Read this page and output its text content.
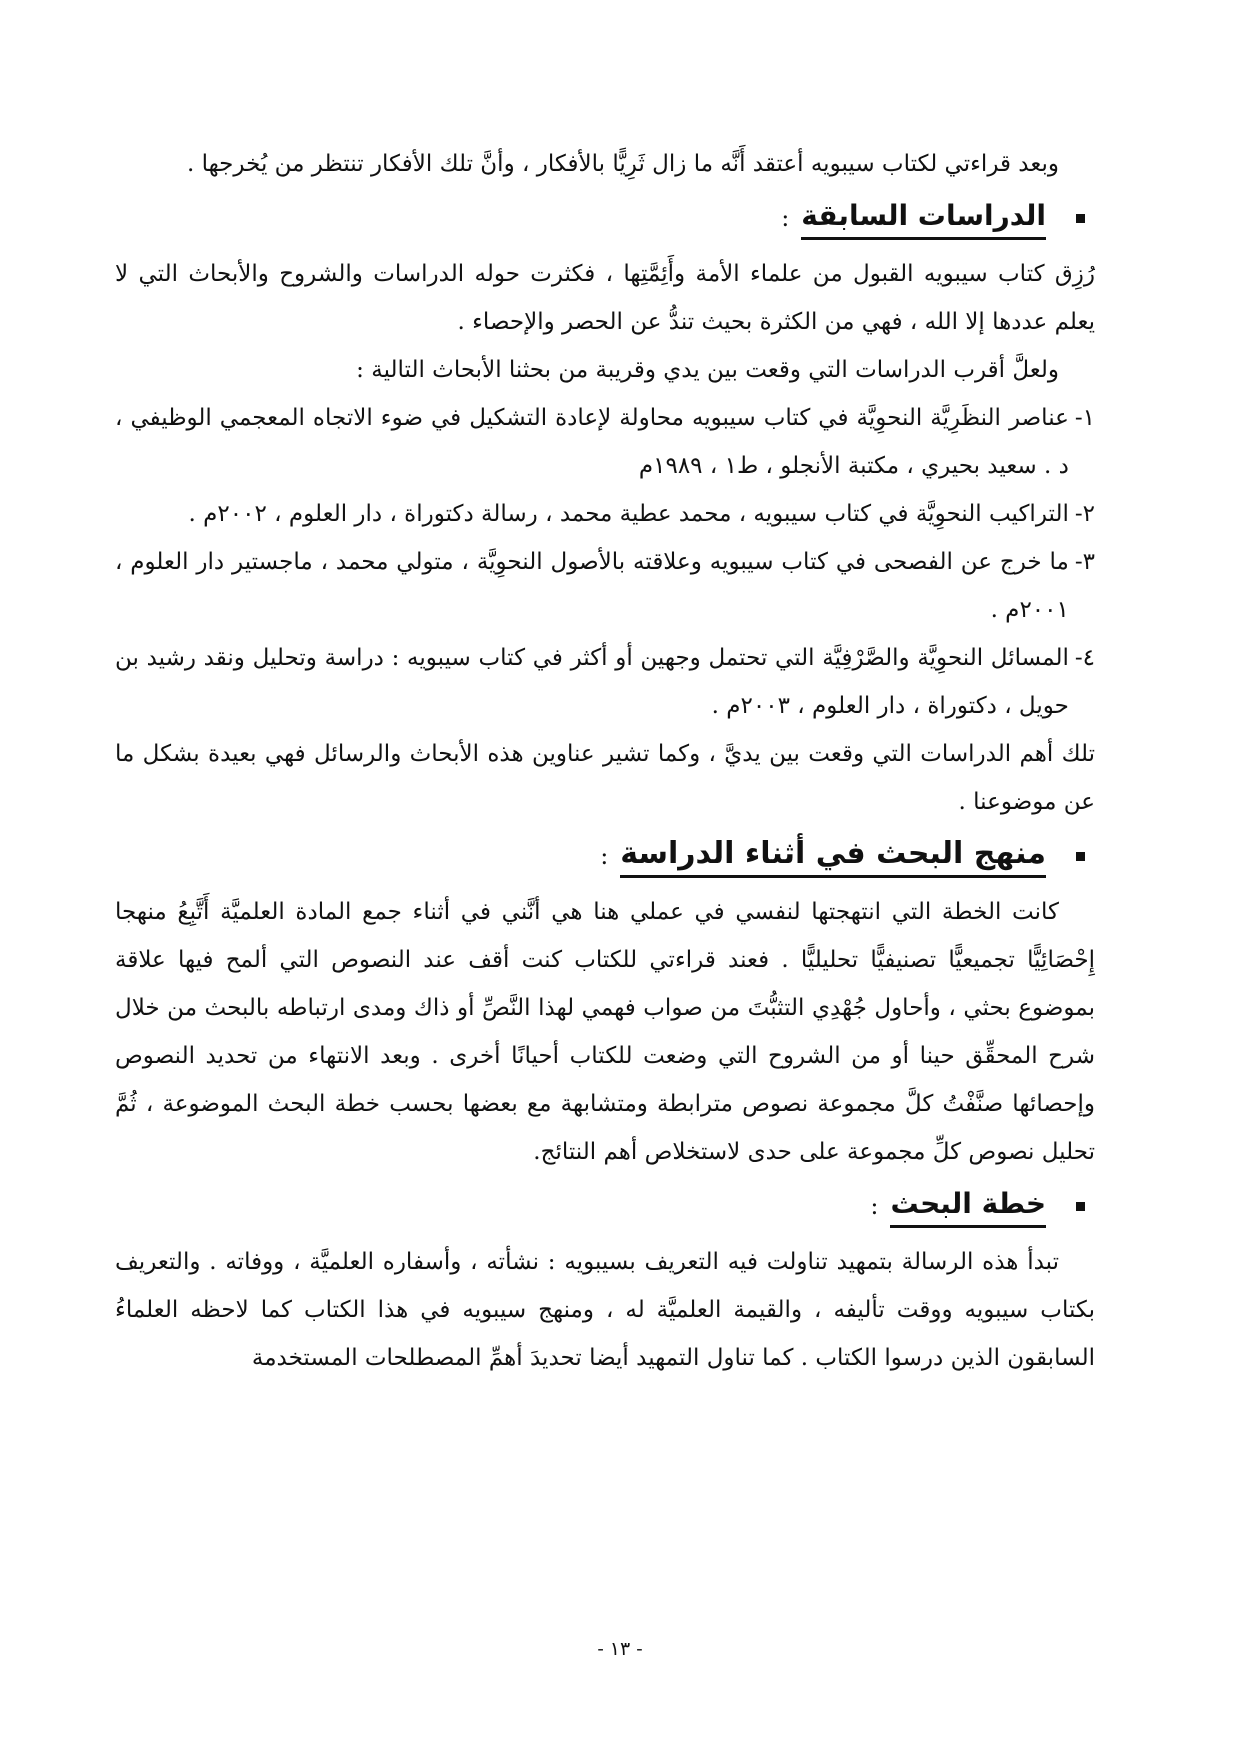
وبعد قراءتي لكتاب سيبويه أعتقد أَنَّه ما زال ثَرِيًّا بالأفكار ، وأنَّ تلك الأفكار تنتظر من يُخرجها .

الدراسات السابقة
:

رُزِق كتاب سيبويه القبول من علماء الأمة وأَئِمَّتِها ، فكثرت حوله الدراسات والشروح والأبحاث التي لا يعلم عددها إلا الله ، فهي من الكثرة بحيث تندُّ عن الحصر والإحصاء .

ولعلَّ أقرب الدراسات التي وقعت بين يدي وقريبة من بحثنا الأبحاث التالية :

١-
عناصر النظَرِيَّة النحوِيَّة في كتاب سيبويه محاولة لإعادة التشكيل في ضوء الاتجاه المعجمي الوظيفي ، د . سعيد بحيري ، مكتبة الأنجلو ، ط١ ، ١٩٨٩م
٢-
التراكيب النحوِيَّة في كتاب سيبويه ، محمد عطية محمد ، رسالة دكتوراة ، دار العلوم ، ٢٠٠٢م .
٣-
ما خرج عن الفصحى في كتاب سيبويه وعلاقته بالأصول النحوِيَّة ، متولي محمد ، ماجستير دار العلوم ، ٢٠٠١م .
٤-
المسائل النحوِيَّة والصَّرْفِيَّة التي تحتمل وجهين أو أكثر في كتاب سيبويه : دراسة وتحليل ونقد رشيد بن حويل ، دكتوراة ، دار العلوم ، ٢٠٠٣م .

تلك أهم الدراسات التي وقعت بين يديَّ ، وكما تشير عناوين هذه الأبحاث والرسائل فهي بعيدة بشكل ما عن موضوعنا .

منهج البحث في أثناء الدراسة
:

كانت الخطة التي انتهجتها لنفسي في عملي هنا هي أنَّني في أثناء جمع المادة العلميَّة أَتَّبِعُ منهجا إِحْصَائِيًّا تجميعيًّا تصنيفيًّا تحليليًّا . فعند قراءتي للكتاب كنت أقف عند النصوص التي ألمح فيها علاقة بموضوع بحثي ، وأحاول جُهْدِي التثبُّتَ من صواب فهمي لهذا النَّصِّ أو ذاك ومدى ارتباطه بالبحث من خلال شرح المحقِّق حينا أو من الشروح التي وضعت للكتاب أحيانًا أخرى . وبعد الانتهاء من تحديد النصوص وإحصائها صنَّفْتُ كلَّ مجموعة نصوص مترابطة ومتشابهة مع بعضها بحسب خطة البحث الموضوعة ، ثُمَّ تحليل نصوص كلِّ مجموعة على حدى لاستخلاص أهم النتائج.

خطة البحث
:

تبدأ هذه الرسالة بتمهيد تناولت فيه التعريف بسيبويه : نشأته ، وأسفاره العلميَّة ، ووفاته . والتعريف بكتاب سيبويه ووقت تأليفه ، والقيمة العلميَّة له ، ومنهج سيبويه في هذا الكتاب كما لاحظه العلماءُ السابقون الذين درسوا الكتاب . كما تناول التمهيد أيضا تحديدَ أهمِّ المصطلحات المستخدمة

- ١٣ -
